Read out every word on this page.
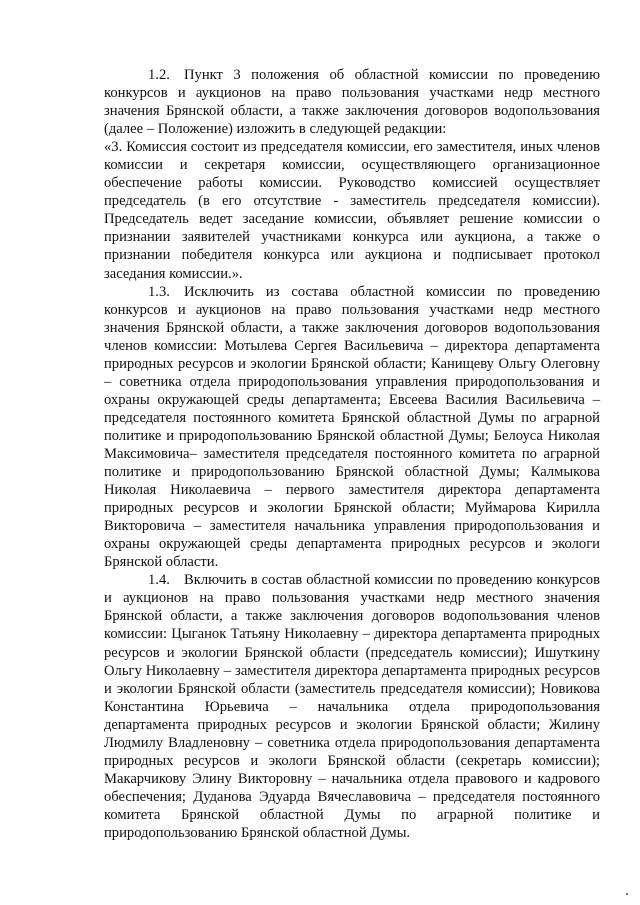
1.2. Пункт 3 положения об областной комиссии по проведению конкурсов и аукционов на право пользования участками недр местного значения Брянской области, а также заключения договоров водопользования (далее – Положение) изложить в следующей редакции:

«3. Комиссия состоит из председателя комиссии, его заместителя, иных членов комиссии и секретаря комиссии, осуществляющего организационное обеспечение работы комиссии. Руководство комиссией осуществляет председатель (в его отсутствие - заместитель председателя комиссии). Председатель ведет заседание комиссии, объявляет решение комиссии о признании заявителей участниками конкурса или аукциона, а также о признании победителя конкурса или аукциона и подписывает протокол заседания комиссии.».

1.3. Исключить из состава областной комиссии по проведению конкурсов и аукционов на право пользования участками недр местного значения Брянской области, а также заключения договоров водопользования членов комиссии: Мотылева Сергея Васильевича – директора департамента природных ресурсов и экологии Брянской области; Канищеву Ольгу Олеговну – советника отдела природопользования управления природопользования и охраны окружающей среды департамента; Евсеева Василия Васильевича – председателя постоянного комитета Брянской областной Думы по аграрной политике и природопользованию Брянской областной Думы; Белоуса Николая Максимовича– заместителя председателя постоянного комитета по аграрной политике и природопользованию Брянской областной Думы; Калмыкова Николая Николаевича – первого заместителя директора департамента природных ресурсов и экологии Брянской области; Муймарова Кирилла Викторовича – заместителя начальника управления природопользования и охраны окружающей среды департамента природных ресурсов и экологи Брянской области.

1.4. Включить в состав областной комиссии по проведению конкурсов и аукционов на право пользования участками недр местного значения Брянской области, а также заключения договоров водопользования членов комиссии: Цыганок Татьяну Николаевну – директора департамента природных ресурсов и экологии Брянской области (председатель комиссии); Ишуткину Ольгу Николаевну – заместителя директора департамента природных ресурсов и экологии Брянской области (заместитель председателя комиссии); Новикова Константина Юрьевича – начальника отдела природопользования департамента природных ресурсов и экологии Брянской области; Жилину Людмилу Владленовну – советника отдела природопользования департамента природных ресурсов и экологи Брянской области (секретарь комиссии); Макарчикову Элину Викторовну – начальника отдела правового и кадрового обеспечения; Дуданова Эдуарда Вячеславовича – председателя постоянного комитета Брянской областной Думы по аграрной политике и природопользованию Брянской областной Думы.
